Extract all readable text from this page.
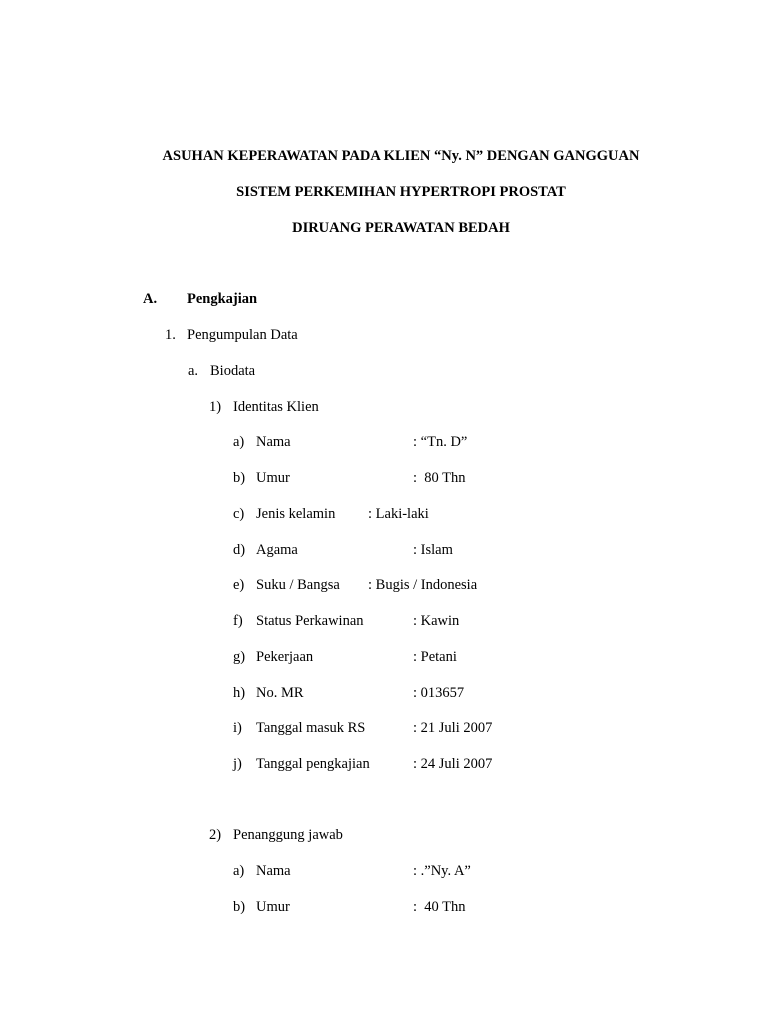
ASUHAN KEPERAWATAN PADA KLIEN “Ny. N” DENGAN GANGGUAN
SISTEM PERKEMIHAN HYPERTROPI PROSTAT
DIRUANG PERAWATAN BEDAH
A. Pengkajian
1. Pengumpulan Data
a. Biodata
1) Identitas Klien
a) Nama	: “Tn. D”
b) Umur	:  80 Thn
c) Jenis kelamin : Laki-laki
d) Agama	: Islam
e) Suku / Bangsa : Bugis / Indonesia
f) Status Perkawinan	: Kawin
g) Pekerjaan	: Petani
h) No. MR	: 013657
i) Tanggal masuk RS	: 21 Juli 2007
j) Tanggal pengkajian	: 24 Juli 2007
2) Penanggung jawab
a) Nama	: .”Ny. A”
b) Umur	:  40 Thn
